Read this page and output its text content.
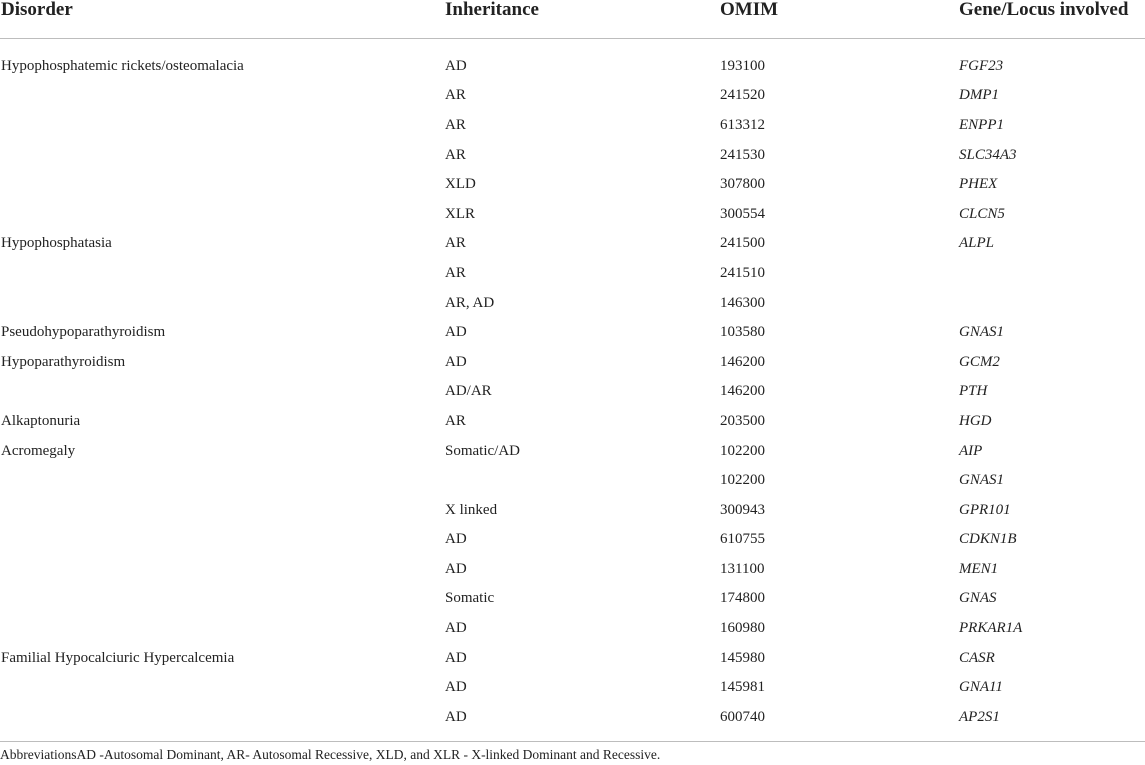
Disorder	Inheritance	OMIM	Gene/Locus involved
Hypophosphatemic rickets/osteomalacia	AD	193100	FGF23
	AR	241520	DMP1
	AR	613312	ENPP1
	AR	241530	SLC34A3
	XLD	307800	PHEX
	XLR	300554	CLCN5
Hypophosphatasia	AR	241500	ALPL
	AR	241510	
	AR, AD	146300	
Pseudohypoparathyroidism	AD	103580	GNAS1
Hypoparathyroidism	AD	146200	GCM2
	AD/AR	146200	PTH
Alkaptonuria	AR	203500	HGD
Acromegaly	Somatic/AD	102200	AIP
		102200	GNAS1
	X linked	300943	GPR101
	AD	610755	CDKN1B
	AD	131100	MEN1
	Somatic	174800	GNAS
	AD	160980	PRKAR1A
Familial Hypocalciuric Hypercalcemia	AD	145980	CASR
	AD	145981	GNA11
	AD	600740	AP2S1
AbbreviationsAD -Autosomal Dominant, AR- Autosomal Recessive, XLD, and XLR - X-linked Dominant and Recessive.
